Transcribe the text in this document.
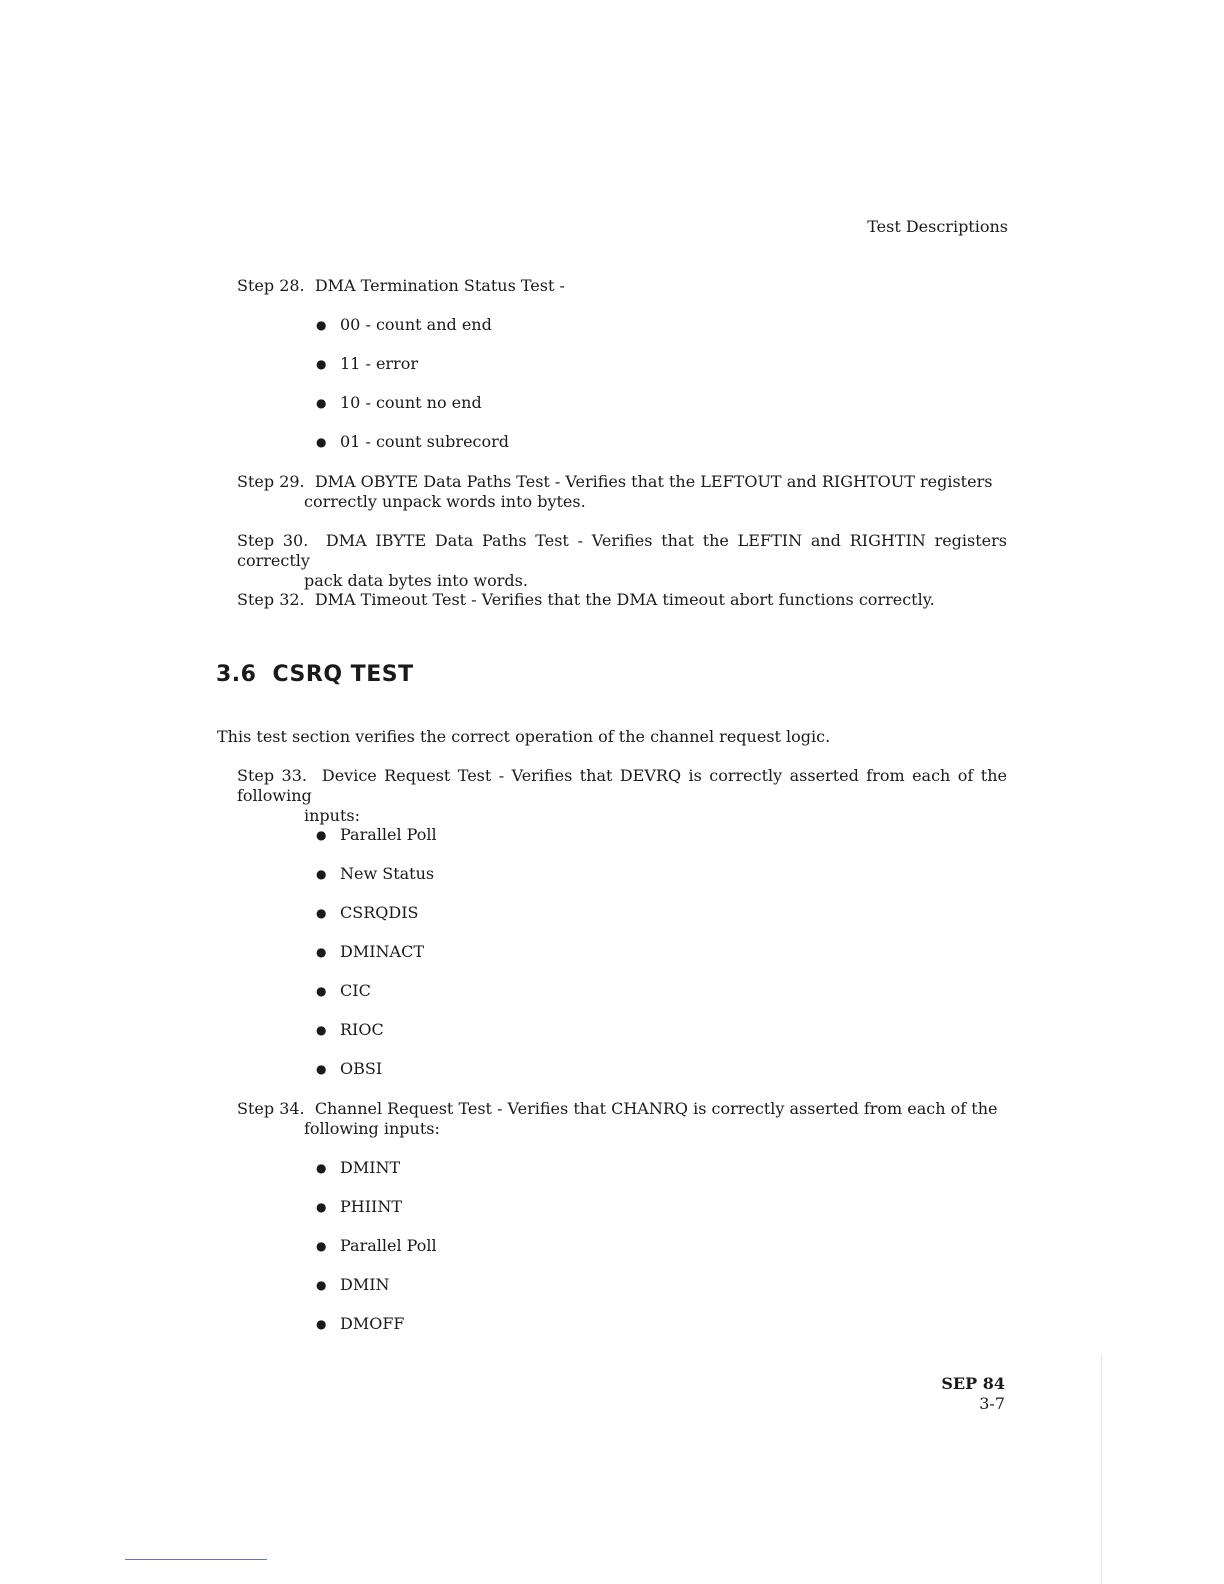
Test Descriptions
Step 28. DMA Termination Status Test -
● 00 - count and end
● 11 - error
● 10 - count no end
● 01 - count subrecord
Step 29. DMA OBYTE Data Paths Test - Verifies that the LEFTOUT and RIGHTOUT registers
correctly unpack words into bytes.
Step 30. DMA IBYTE Data Paths Test - Verifies that the LEFTIN and RIGHTIN registers correctly
pack data bytes into words.
Step 32. DMA Timeout Test - Verifies that the DMA timeout abort functions correctly.
3.6 CSRQ TEST
This test section verifies the correct operation of the channel request logic.
Step 33. Device Request Test - Verifies that DEVRQ is correctly asserted from each of the following
inputs:
● Parallel Poll
● New Status
● CSRQDIS
● DMINACT
● CIC
● RIOC
● OBSI
Step 34. Channel Request Test - Verifies that CHANRQ is correctly asserted from each of the
following inputs:
● DMINT
● PHIINT
● Parallel Poll
● DMIN
● DMOFF
SEP 84
3-7
